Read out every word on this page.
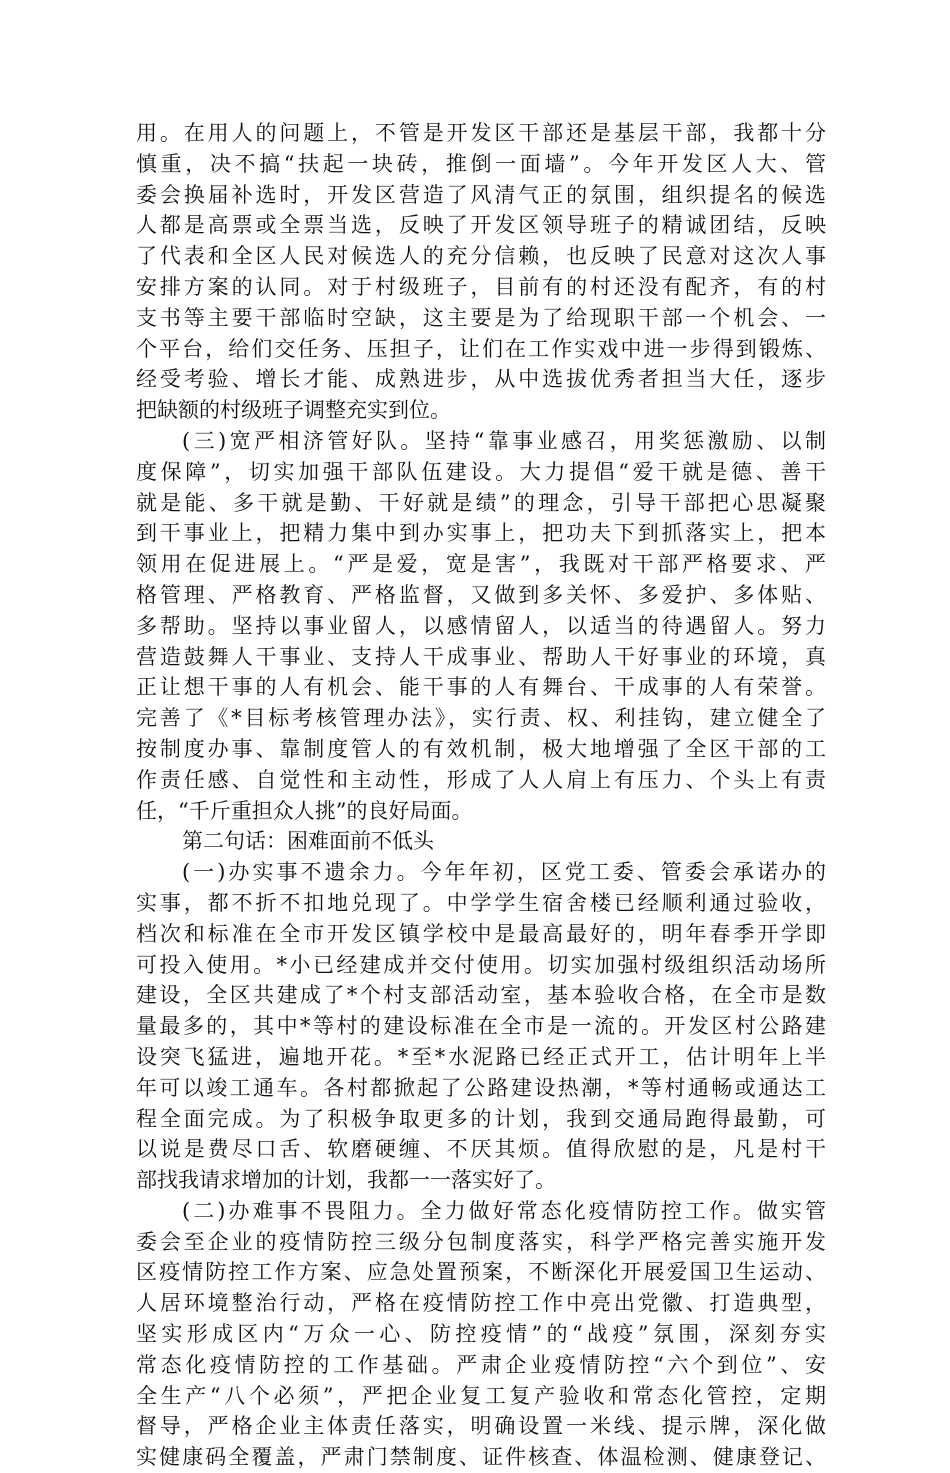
用。在用人的问题上，不管是开发区干部还是基层干部，我都十分
慎重，决不搞“扶起一块砖，推倒一面墙”。今年开发区人大、管
委会换届补选时，开发区营造了风清气正的氛围，组织提名的候选
人都是高票或全票当选，反映了开发区领导班子的精诚团结，反映
了代表和全区人民对候选人的充分信赖，也反映了民意对这次人事
安排方案的认同。对于村级班子，目前有的村还没有配齐，有的村
支书等主要干部临时空缺，这主要是为了给现职干部一个机会、一
个平台，给们交任务、压担子，让们在工作实戏中进一步得到锻炼、
经受考验、增长才能、成熟进步，从中选拔优秀者担当大任，逐步
把缺额的村级班子调整充实到位。
(三)宽严相济管好队。坚持“靠事业感召，用奖惩激励、以制
度保障”，切实加强干部队伍建设。大力提倡“爱干就是德、善干
就是能、多干就是勤、干好就是绩”的理念，引导干部把心思凝聚
到干事业上，把精力集中到办实事上，把功夫下到抓落实上，把本
领用在促进展上。“严是爱，宽是害”，我既对干部严格要求、严
格管理、严格教育、严格监督，又做到多关怀、多爱护、多体贴、
多帮助。坚持以事业留人，以感情留人，以适当的待遇留人。努力
营造鼓舞人干事业、支持人干成事业、帮助人干好事业的环境，真
正让想干事的人有机会、能干事的人有舞台、干成事的人有荣誉。
完善了《*目标考核管理办法》，实行责、权、利挂钩，建立健全了
按制度办事、靠制度管人的有效机制，极大地增强了全区干部的工
作责任感、自觉性和主动性，形成了人人肩上有压力、个头上有责
任，“千斤重担众人挑”的良好局面。
第二句话：困难面前不低头
(一)办实事不遗余力。今年年初，区党工委、管委会承诺办的
实事，都不折不扣地兑现了。中学学生宿舍楼已经顺利通过验收，
档次和标准在全市开发区镇学校中是最高最好的，明年春季开学即
可投入使用。*小已经建成并交付使用。切实加强村级组织活动场所
建设，全区共建成了*个村支部活动室，基本验收合格，在全市是数
量最多的，其中*等村的建设标准在全市是一流的。开发区村公路建
设突飞猛进，遍地开花。*至*水泥路已经正式开工，估计明年上半
年可以竣工通车。各村都掀起了公路建设热潮，*等村通畅或通达工
程全面完成。为了积极争取更多的计划，我到交通局跑得最勤，可
以说是费尽口舌、软磨硬缠、不厌其烦。值得欣慰的是，凡是村干
部找我请求增加的计划，我都一一落实好了。
(二)办难事不畏阻力。全力做好常态化疫情防控工作。做实管
委会至企业的疫情防控三级分包制度落实，科学严格完善实施开发
区疫情防控工作方案、应急处置预案，不断深化开展爱国卫生运动、
人居环境整治行动，严格在疫情防控工作中亮出党徽、打造典型，
坚实形成区内“万众一心、防控疫情”的“战疫”氛围，深刻夯实
常态化疫情防控的工作基础。严肃企业疫情防控“六个到位”、安
全生产“八个必须”，严把企业复工复产验收和常态化管控，定期
督导，严格企业主体责任落实，明确设置一米线、提示牌，深化做
实健康码全覆盖，严肃门禁制度、证件核查、体温检测、健康登记、
